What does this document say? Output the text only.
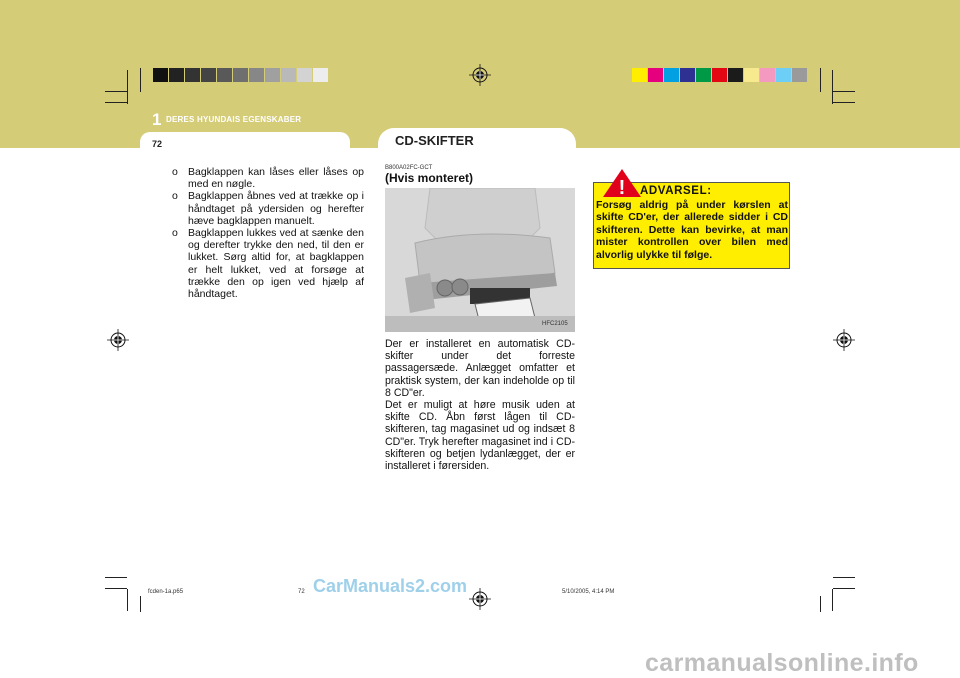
1 DERES HYUNDAIS EGENSKABER
72	CD-SKIFTER
o Bagklappen kan låses eller låses op med en nøgle.
o Bagklappen åbnes ved at trække op i håndtaget på ydersiden og herefter hæve bagklappen manuelt.
o Bagklappen lukkes ved at sænke den og derefter trykke den ned, til den er lukket. Sørg altid for, at bagklappen er helt lukket, ved at forsøge at trække den op igen ved hjælp af håndtaget.
B800A02FC-GCT
(Hvis monteret)
HFC2105
Der er installeret en automatisk CD-skifter under det forreste passagersæde. Anlægget omfatter et praktisk system, der kan indeholde op til 8 CD"er.
Det er muligt at høre musik uden at skifte CD. Åbn først lågen til CD-skifteren, tag magasinet ud og indsæt 8 CD"er. Tryk herefter magasinet ind i CD-skifteren og betjen lydanlægget, der er installeret i førersiden.
! ADVARSEL:

Forsøg aldrig på under kørslen at skifte CD'er, der allerede sidder i CD skifteren. Dette kan bevirke, at man mister kontrollen over bilen med alvorlig ulykke til følge.

fcden-1a.p65	72	5/10/2005, 4:14 PM
CarManuals2.com
carmanualsonline.info
